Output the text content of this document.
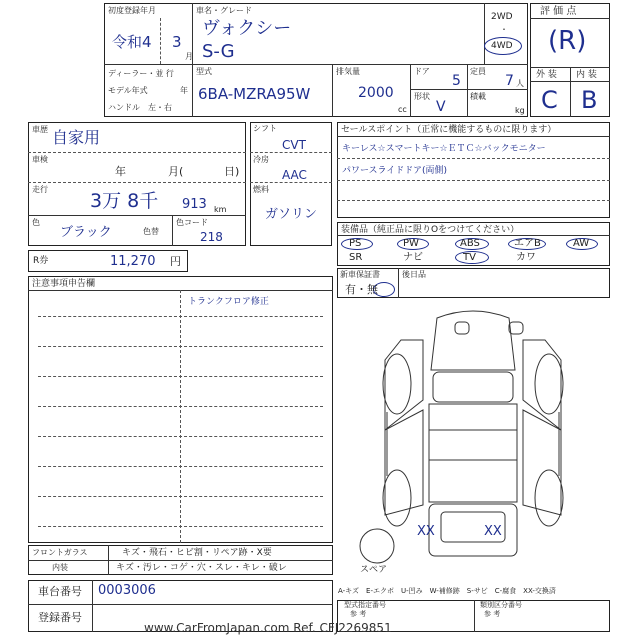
初度登録年月
令和4 3
月
車名・グレード
ヴォクシー
S-G
2WD
・
4WD
ディーラー・並 行
モデル年式	年
ハンドル　左・右
型式
6BA-MZRA95W
排気量
2000
cc
ドア
5
定員
7 人
形状
V
積載
kg
評 価 点
(R)
外 装 内 装
C B
車歴 自家用
車検
年	月(	日)
走行
3万 8千 913 km
色
ブラック	色替
色コード
218
シフト
CVT
冷房
AAC
燃料
ガソリン
R券	11,270 円
セールスポイント（正常に機能するものに限ります）
キーレス☆スマートキー☆ＥＴＣ☆バックモニター
パワースライドドア(両側)
装備品（純正品に限りOをつけてください）
PS	PW	ABS	エアB	AW
SR	ナビ	TV	カワ
新車保証書
有・無
後日品
注意事項申告欄
トランクフロア修正
XX	XX
スペア
A-キズ　E-エクボ　U-凹み　W-補修跡　S-サビ　C-腐食　XX-交換済
フロントガラス	キズ・飛石・ヒビ割・リペア跡・X要
内装	キズ・汚レ・コゲ・穴・スレ・キレ・破レ
車台番号 0003006
登録番号
型式指定番号
参 考
類別区分番号
参 考
www.CarFromJapan.com Ref. CFJ2269851
